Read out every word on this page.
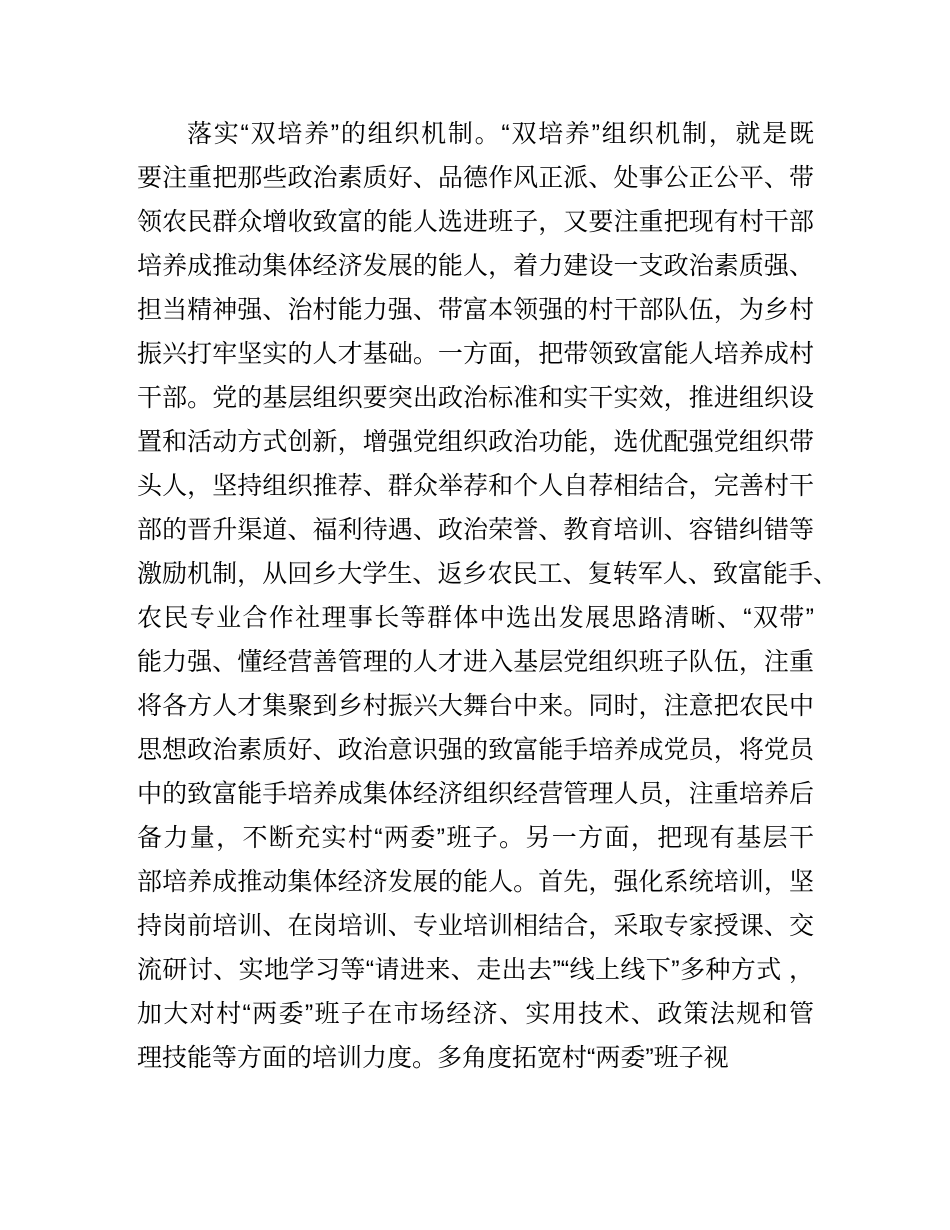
落实“双培养”的组织机制。“双培养”组织机制，就是既
要注重把那些政治素质好、品德作风正派、处事公正公平、带
领农民群众增收致富的能人选进班子，又要注重把现有村干部
培养成推动集体经济发展的能人，着力建设一支政治素质强、
担当精神强、治村能力强、带富本领强的村干部队伍，为乡村
振兴打牢坚实的人才基础。一方面，把带领致富能人培养成村
干部。党的基层组织要突出政治标准和实干实效，推进组织设
置和活动方式创新，增强党组织政治功能，选优配强党组织带
头人，坚持组织推荐、群众举荐和个人自荐相结合，完善村干
部的晋升渠道、福利待遇、政治荣誉、教育培训、容错纠错等
激励机制，从回乡大学生、返乡农民工、复转军人、致富能手、
农民专业合作社理事长等群体中选出发展思路清晰、“双带”
能力强、懂经营善管理的人才进入基层党组织班子队伍，注重
将各方人才集聚到乡村振兴大舞台中来。同时，注意把农民中
思想政治素质好、政治意识强的致富能手培养成党员，将党员
中的致富能手培养成集体经济组织经营管理人员，注重培养后
备力量，不断充实村“两委”班子。另一方面，把现有基层干
部培养成推动集体经济发展的能人。首先，强化系统培训，坚
持岗前培训、在岗培训、专业培训相结合，采取专家授课、交
流研讨、实地学习等“请进来、走出去”“线上线下”多种方式 ，
加大对村“两委”班子在市场经济、实用技术、政策法规和管
理技能等方面的培训力度。多角度拓宽村“两委”班子视
